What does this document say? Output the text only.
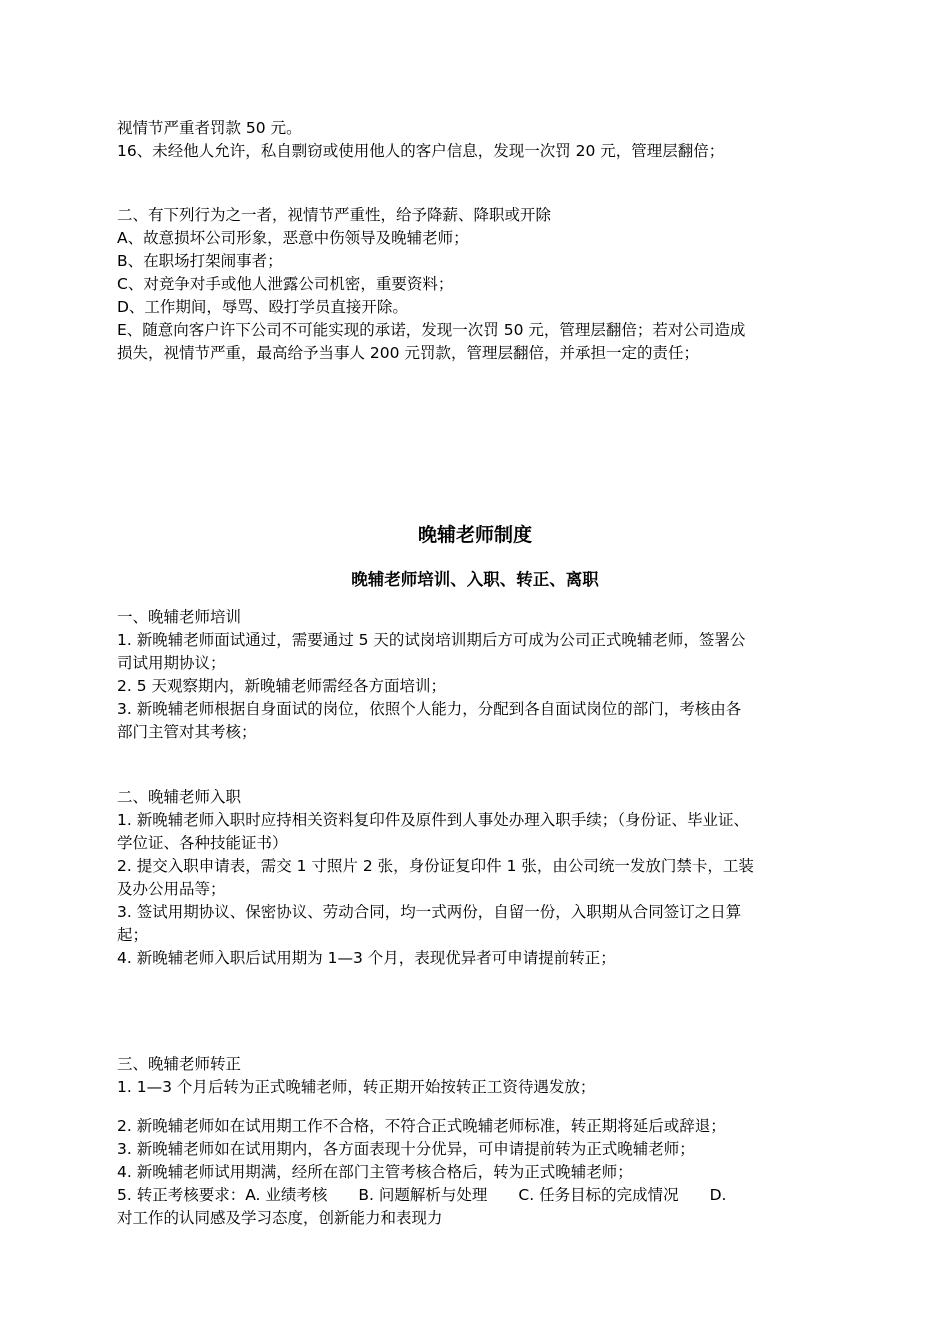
视情节严重者罚款 50 元。
16、未经他人允许，私自剽窃或使用他人的客户信息，发现一次罚 20 元，管理层翻倍；
二、有下列行为之一者，视情节严重性，给予降薪、降职或开除
A、故意损坏公司形象，恶意中伤领导及晚辅老师；
B、在职场打架闹事者；
C、对竞争对手或他人泄露公司机密，重要资料；
D、工作期间，辱骂、殴打学员直接开除。
E、随意向客户许下公司不可能实现的承诺，发现一次罚 50 元，管理层翻倍；若对公司造成
损失，视情节严重，最高给予当事人 200 元罚款，管理层翻倍，并承担一定的责任；
晚辅老师制度
晚辅老师培训、入职、转正、离职
一、晚辅老师培训
1. 新晚辅老师面试通过，需要通过 5 天的试岗培训期后方可成为公司正式晚辅老师，签署公
司试用期协议；
2. 5 天观察期内，新晚辅老师需经各方面培训；
3. 新晚辅老师根据自身面试的岗位，依照个人能力，分配到各自面试岗位的部门，考核由各
部门主管对其考核；
二、晚辅老师入职
1. 新晚辅老师入职时应持相关资料复印件及原件到人事处办理入职手续；（身份证、毕业证、
学位证、各种技能证书）
2. 提交入职申请表，需交 1 寸照片 2 张，身份证复印件 1 张，由公司统一发放门禁卡，工装
及办公用品等；
3. 签试用期协议、保密协议、劳动合同，均一式两份，自留一份，入职期从合同签订之日算
起；
4. 新晚辅老师入职后试用期为 1—3 个月，表现优异者可申请提前转正；
三、晚辅老师转正
1. 1—3 个月后转为正式晚辅老师，转正期开始按转正工资待遇发放；
2. 新晚辅老师如在试用期工作不合格，不符合正式晚辅老师标准，转正期将延后或辞退；
3. 新晚辅老师如在试用期内，各方面表现十分优异，可申请提前转为正式晚辅老师；
4. 新晚辅老师试用期满，经所在部门主管考核合格后，转为正式晚辅老师；
5. 转正考核要求：A. 业绩考核　　B. 问题解析与处理　　C. 任务目标的完成情况　　D.
对工作的认同感及学习态度，创新能力和表现力
